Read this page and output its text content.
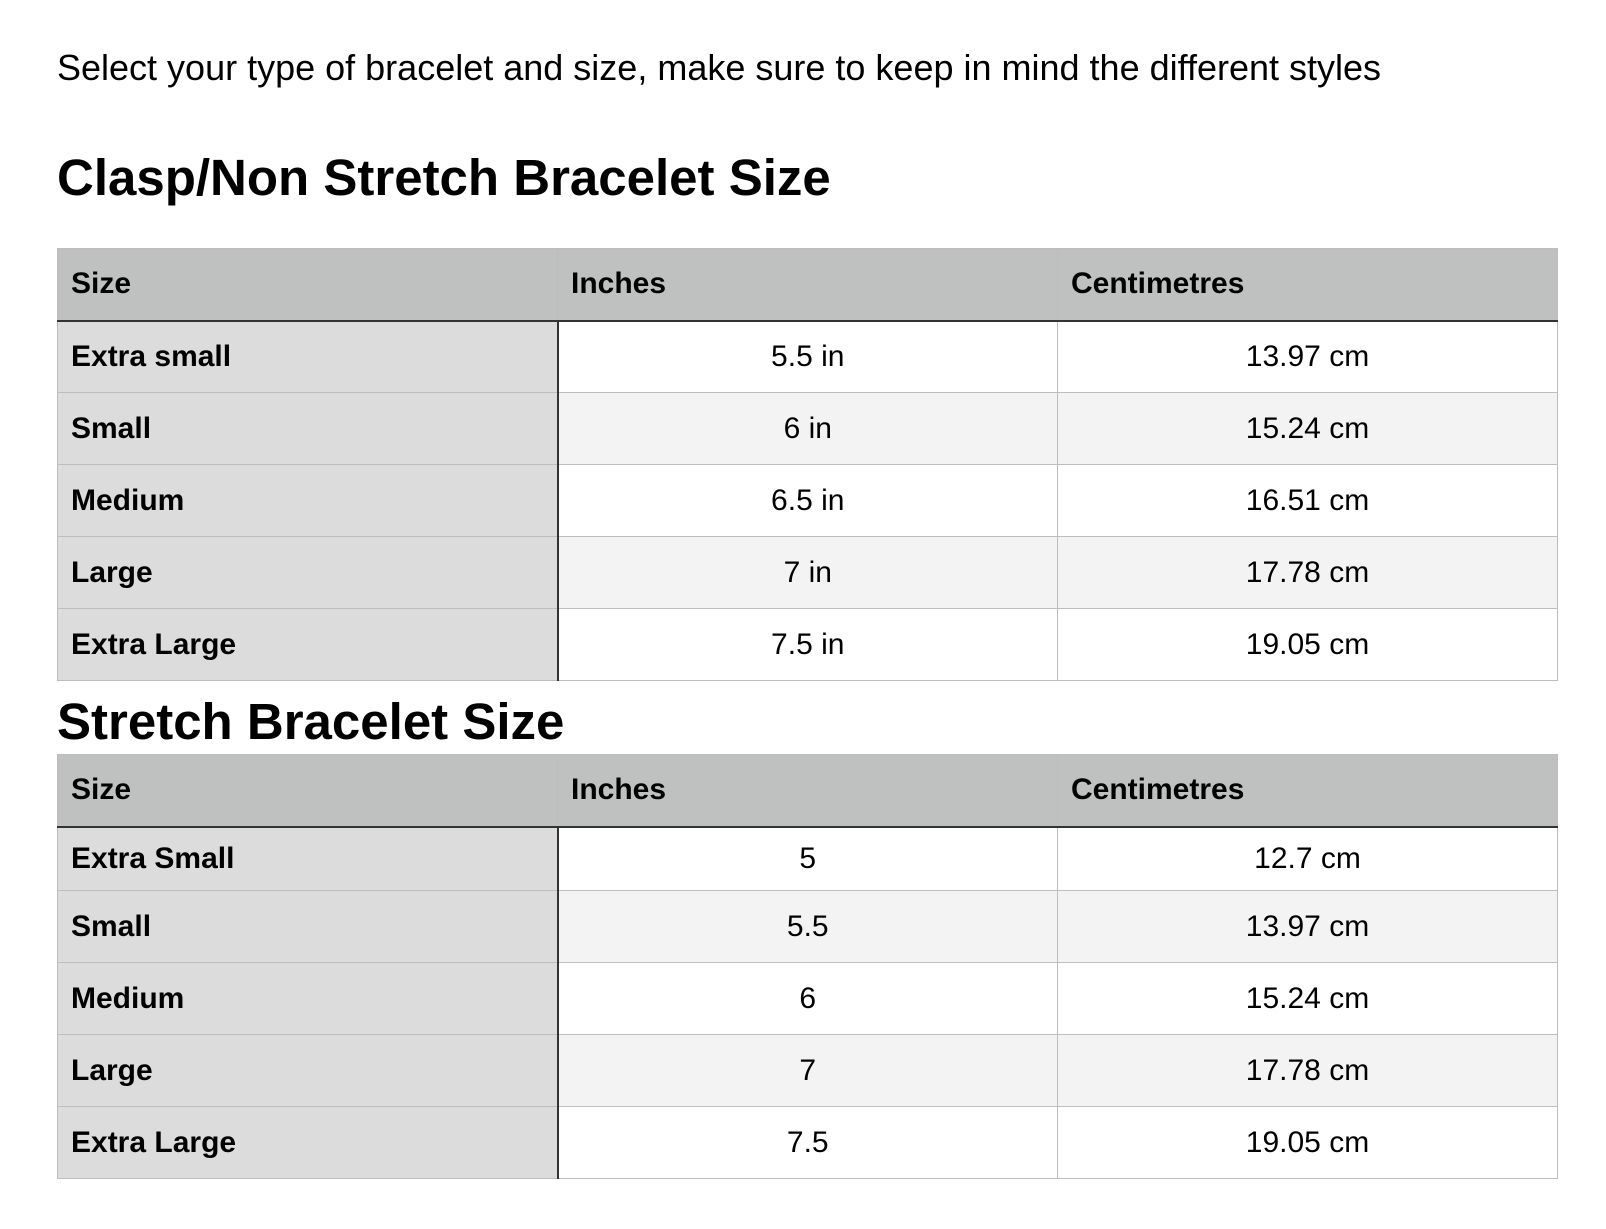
Select your type of bracelet and size, make sure to keep in mind the different styles

Clasp/Non Stretch Bracelet Size
Size	Inches	Centimetres
Extra small	5.5 in	13.97 cm
Small	6 in	15.24 cm
Medium	6.5 in	16.51 cm
Large	7 in	17.78 cm
Extra Large	7.5 in	19.05 cm
Stretch Bracelet Size
Size	Inches	Centimetres
Extra Small	5	12.7 cm
Small	5.5	13.97 cm
Medium	6	15.24 cm
Large	7	17.78 cm
Extra Large	7.5	19.05 cm
